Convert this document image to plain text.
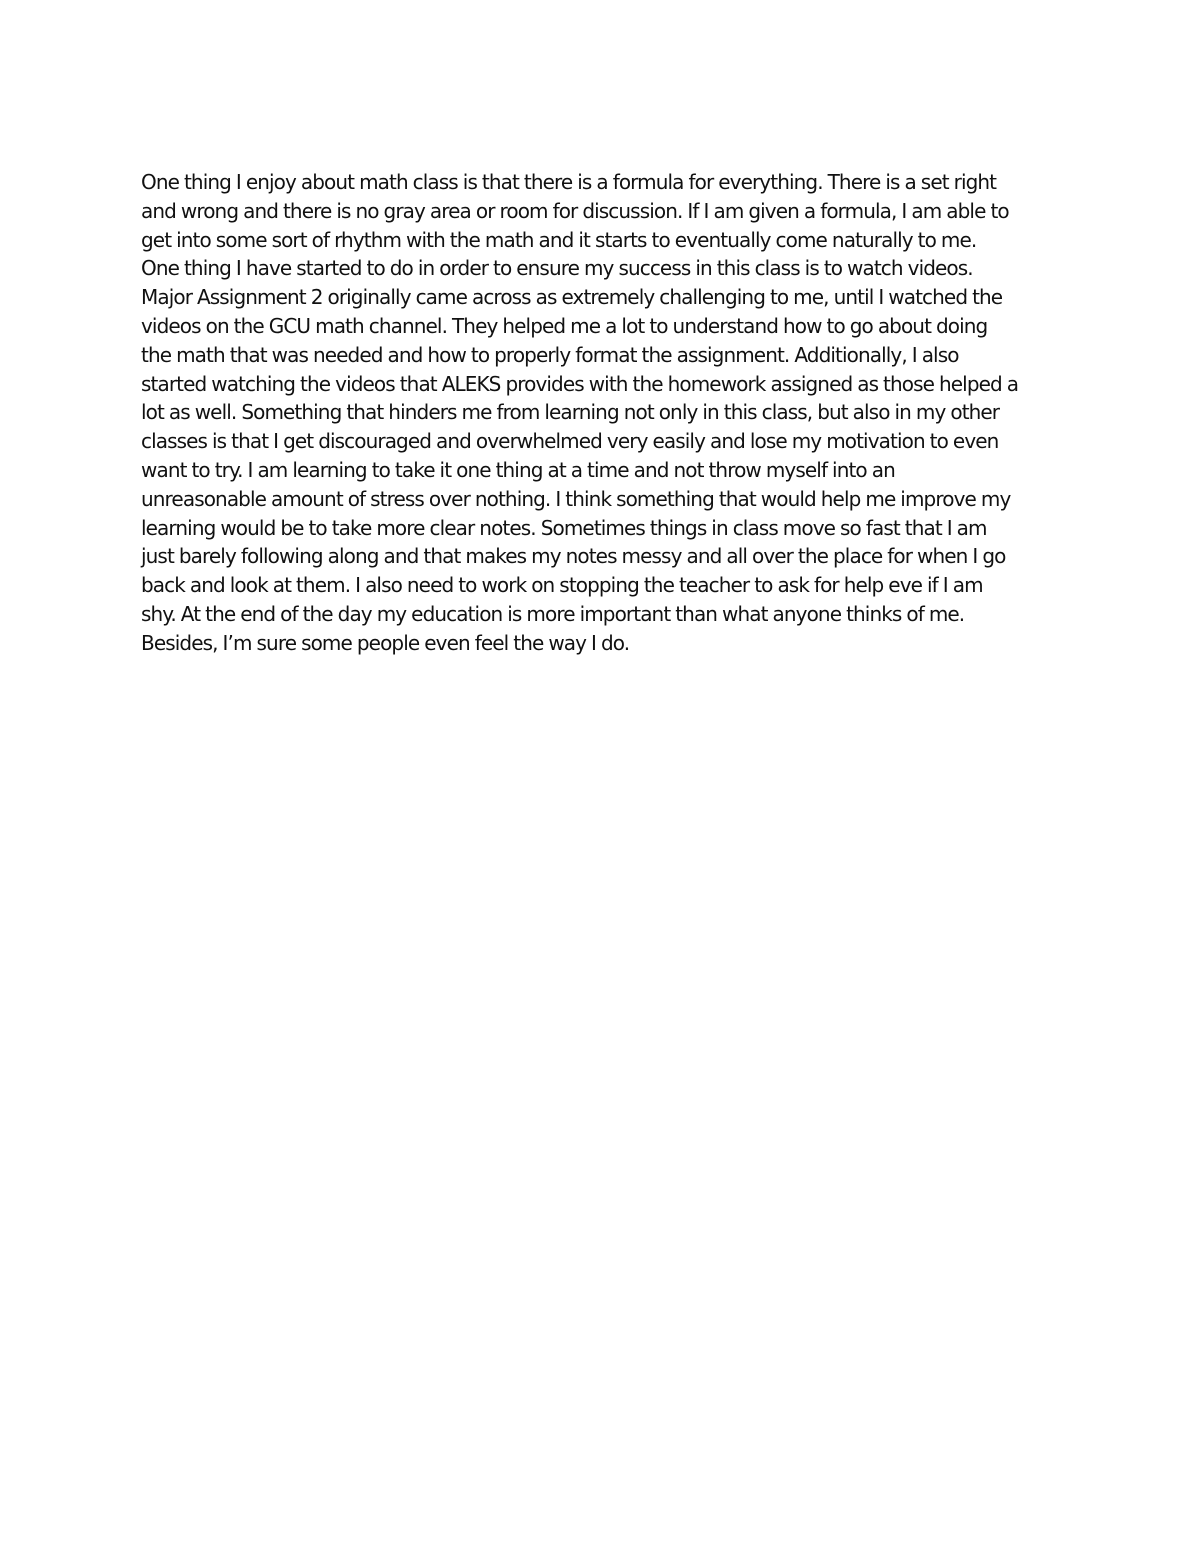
One thing I enjoy about math class is that there is a formula for everything. There is a set right
and wrong and there is no gray area or room for discussion. If I am given a formula, I am able to
get into some sort of rhythm with the math and it starts to eventually come naturally to me.
One thing I have started to do in order to ensure my success in this class is to watch videos.
Major Assignment 2 originally came across as extremely challenging to me, until I watched the
videos on the GCU math channel. They helped me a lot to understand how to go about doing
the math that was needed and how to properly format the assignment. Additionally, I also
started watching the videos that ALEKS provides with the homework assigned as those helped a
lot as well. Something that hinders me from learning not only in this class, but also in my other
classes is that I get discouraged and overwhelmed very easily and lose my motivation to even
want to try. I am learning to take it one thing at a time and not throw myself into an
unreasonable amount of stress over nothing. I think something that would help me improve my
learning would be to take more clear notes. Sometimes things in class move so fast that I am
just barely following along and that makes my notes messy and all over the place for when I go
back and look at them. I also need to work on stopping the teacher to ask for help eve if I am
shy. At the end of the day my education is more important than what anyone thinks of me.
Besides, I’m sure some people even feel the way I do.
